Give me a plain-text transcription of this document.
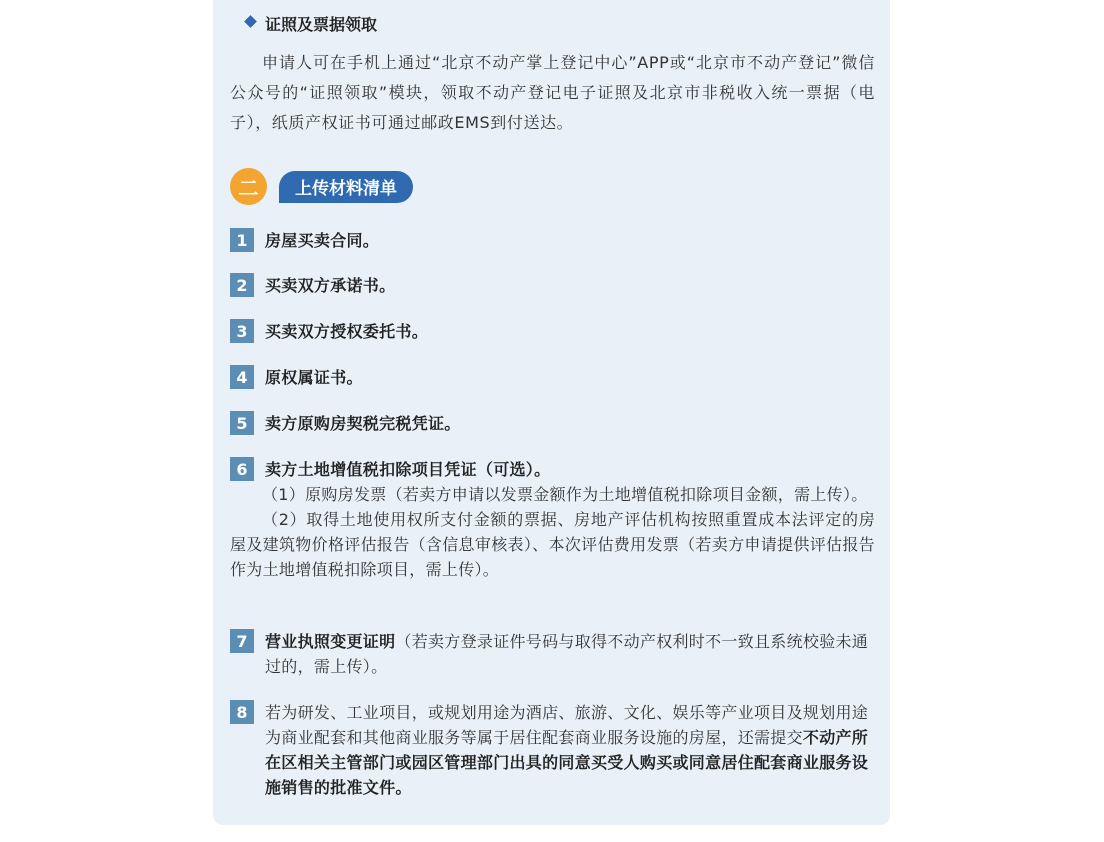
证照及票据领取
申请人可在手机上通过“北京不动产掌上登记中心”APP或“北京市不动产登记”微信公众号的“证照领取”模块，领取不动产登记电子证照及北京市非税收入统一票据（电子），纸质产权证书可通过邮政EMS到付送达。
二	上传材料清单
1	房屋买卖合同。
2	买卖双方承诺书。
3	买卖双方授权委托书。
4	原权属证书。
5	卖方原购房契税完税凭证。
6	卖方土地增值税扣除项目凭证（可选）。
（1）原购房发票（若卖方申请以发票金额作为土地增值税扣除项目金额，需上传）。
（2）取得土地使用权所支付金额的票据、房地产评估机构按照重置成本法评定的房屋及建筑物价格评估报告（含信息审核表）、本次评估费用发票（若卖方申请提供评估报告作为土地增值税扣除项目，需上传）。
7	营业执照变更证明（若卖方登录证件号码与取得不动产权利时不一致且系统校验未通过的，需上传）。
8	若为研发、工业项目，或规划用途为酒店、旅游、文化、娱乐等产业项目及规划用途为商业配套和其他商业服务等属于居住配套商业服务设施的房屋，还需提交不动产所在区相关主管部门或园区管理部门出具的同意买受人购买或同意居住配套商业服务设施销售的批准文件。
